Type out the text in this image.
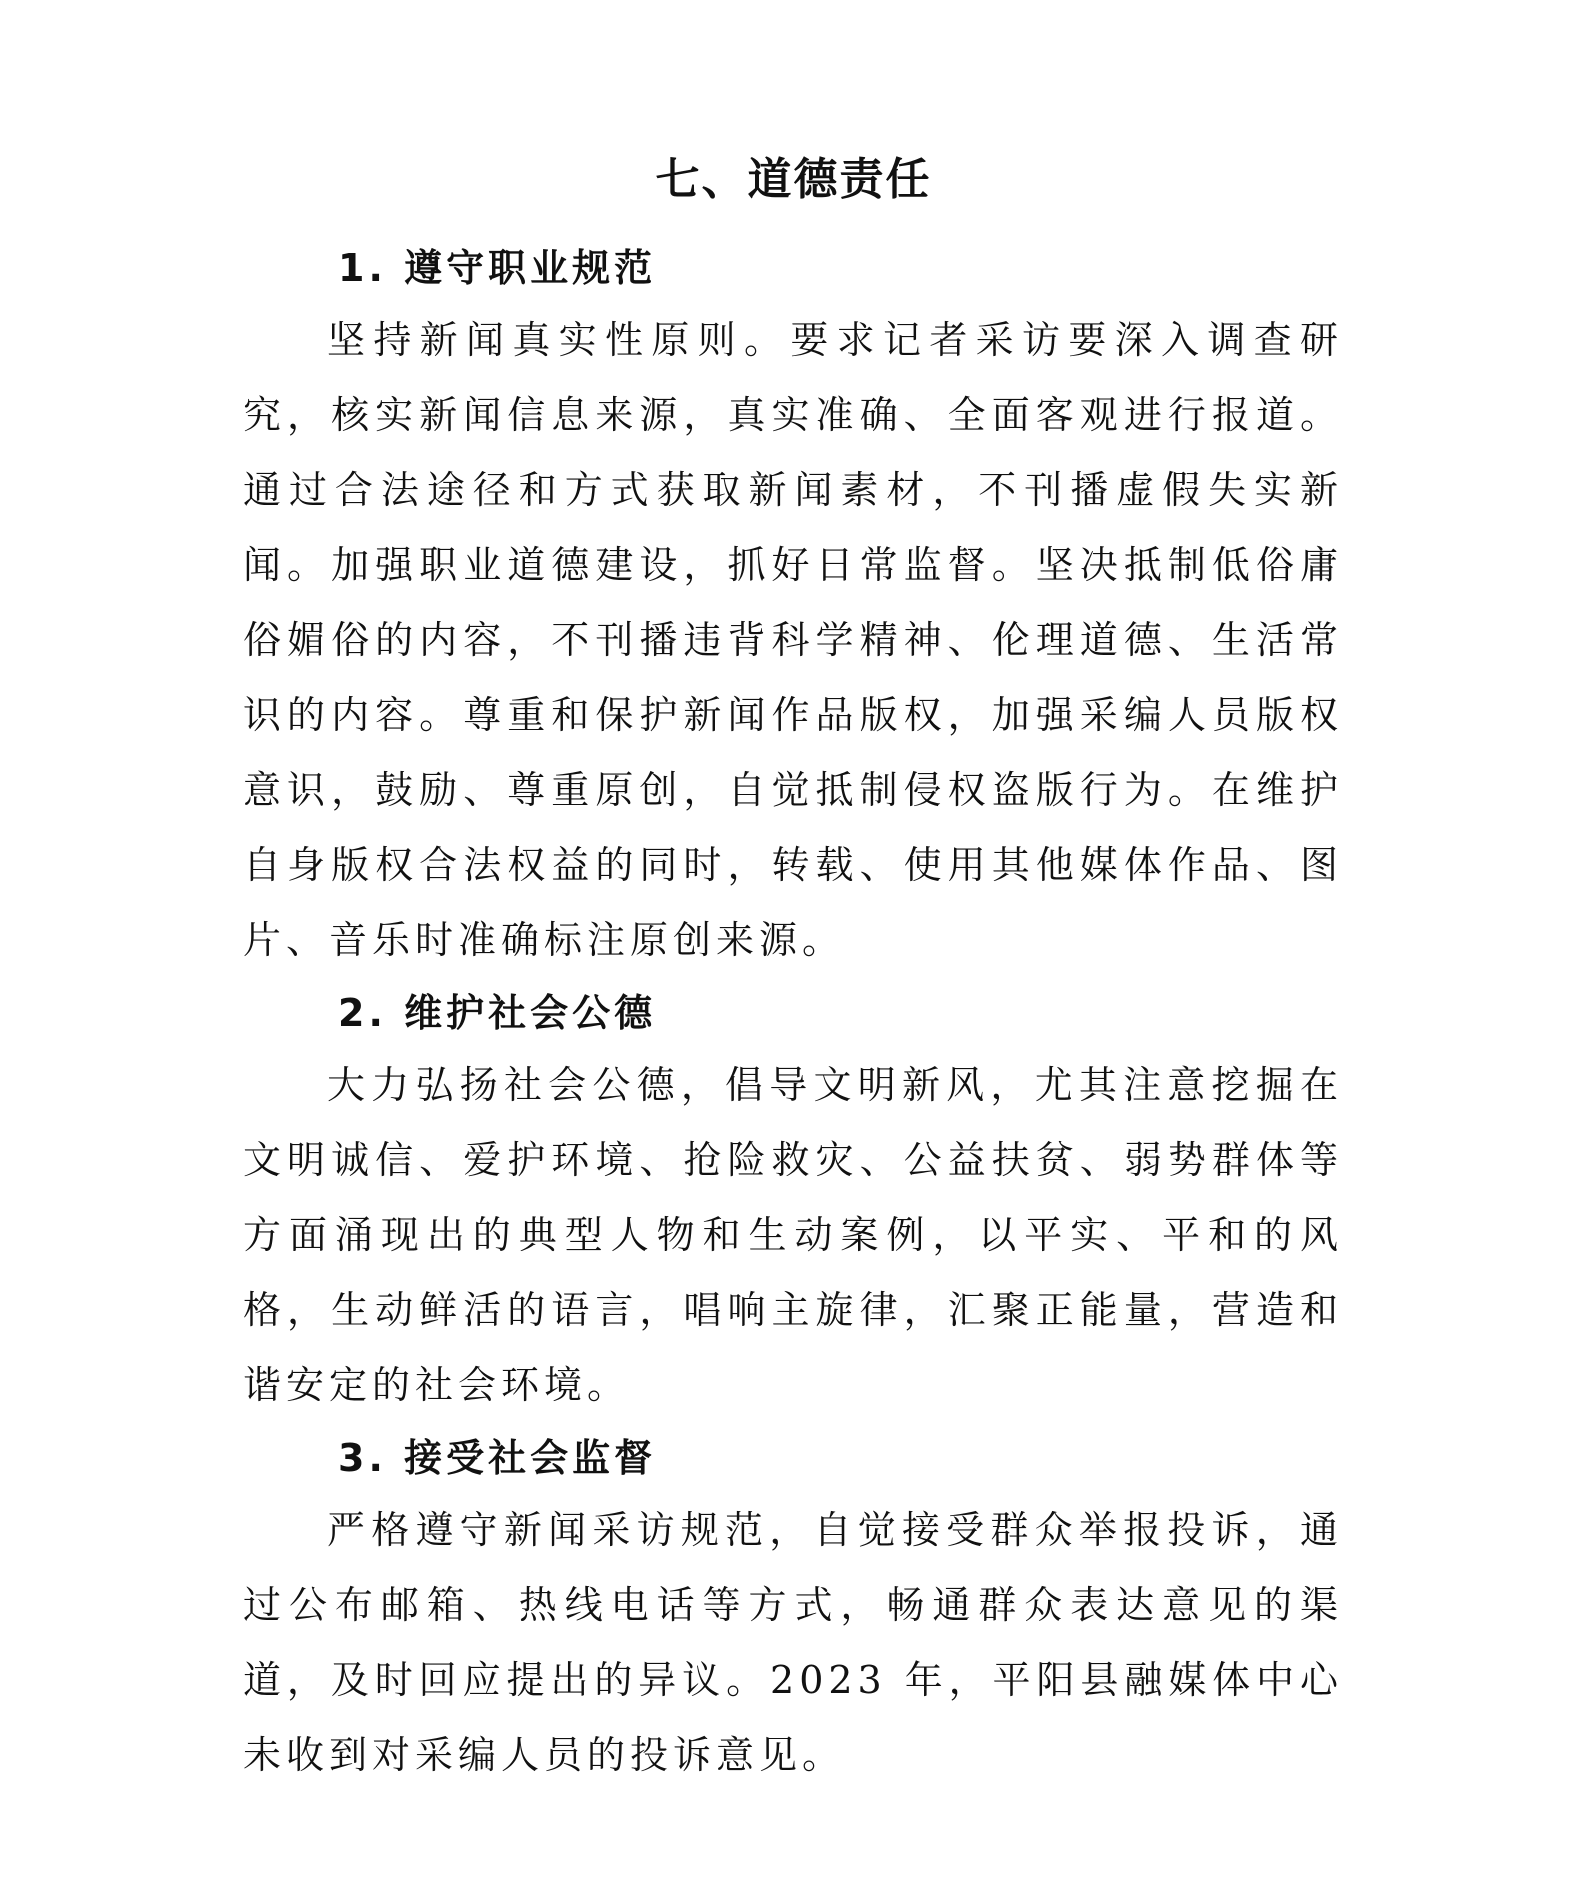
七、道德责任
1. 遵守职业规范

坚持新闻真实性原则。要求记者采访要深入调查研究，核实新闻信息来源，真实准确、全面客观进行报道。通过合法途径和方式获取新闻素材，不刊播虚假失实新闻。加强职业道德建设，抓好日常监督。坚决抵制低俗庸俗媚俗的内容，不刊播违背科学精神、伦理道德、生活常识的内容。尊重和保护新闻作品版权，加强采编人员版权意识，鼓励、尊重原创，自觉抵制侵权盗版行为。在维护自身版权合法权益的同时，转载、使用其他媒体作品、图片、音乐时准确标注原创来源。

2. 维护社会公德

大力弘扬社会公德，倡导文明新风，尤其注意挖掘在文明诚信、爱护环境、抢险救灾、公益扶贫、弱势群体等方面涌现出的典型人物和生动案例，以平实、平和的风格，生动鲜活的语言，唱响主旋律，汇聚正能量，营造和谐安定的社会环境。

3. 接受社会监督

严格遵守新闻采访规范，自觉接受群众举报投诉，通过公布邮箱、热线电话等方式，畅通群众表达意见的渠道，及时回应提出的异议。2023 年，平阳县融媒体中心未收到对采编人员的投诉意见。
